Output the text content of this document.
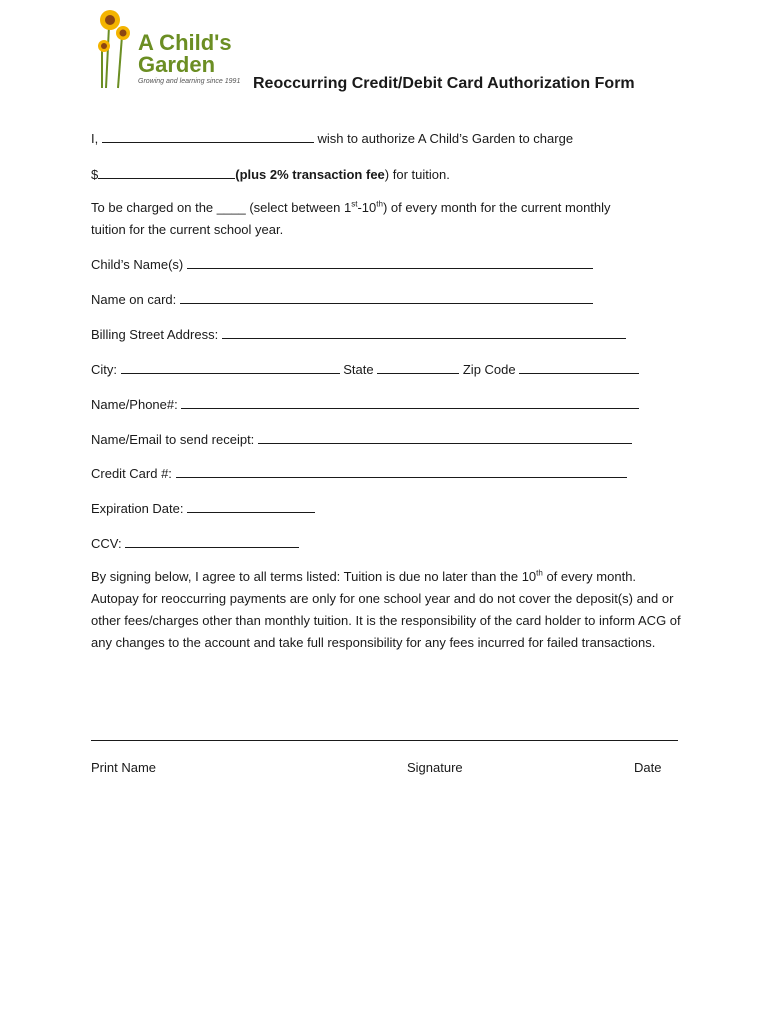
A Child's
Garden
Growing and learning since 1991 Reoccurring Credit/Debit Card Authorization Form
I,	wish to authorize A Child’s Garden to charge
$	(plus 2% transaction fee) for tuition.
To be charged on the ____ (select between 1st-10th) of every month for the current monthly
tuition for the current school year.
Child’s Name(s)
Name on card:
Billing Street Address:
City:	State	Zip Code
Name/Phone#:
Name/Email to send receipt:
Credit Card #:
Expiration Date:
CCV:
By signing below, I agree to all terms listed: Tuition is due no later than the 10th of every month. Autopay for reoccurring payments are only for one school year and do not cover the deposit(s) and or other fees/charges other than monthly tuition. It is the responsibility of the card holder to inform ACG of any changes to the account and take full responsibility for any fees incurred for failed transactions.
Print Name	Signature	Date
